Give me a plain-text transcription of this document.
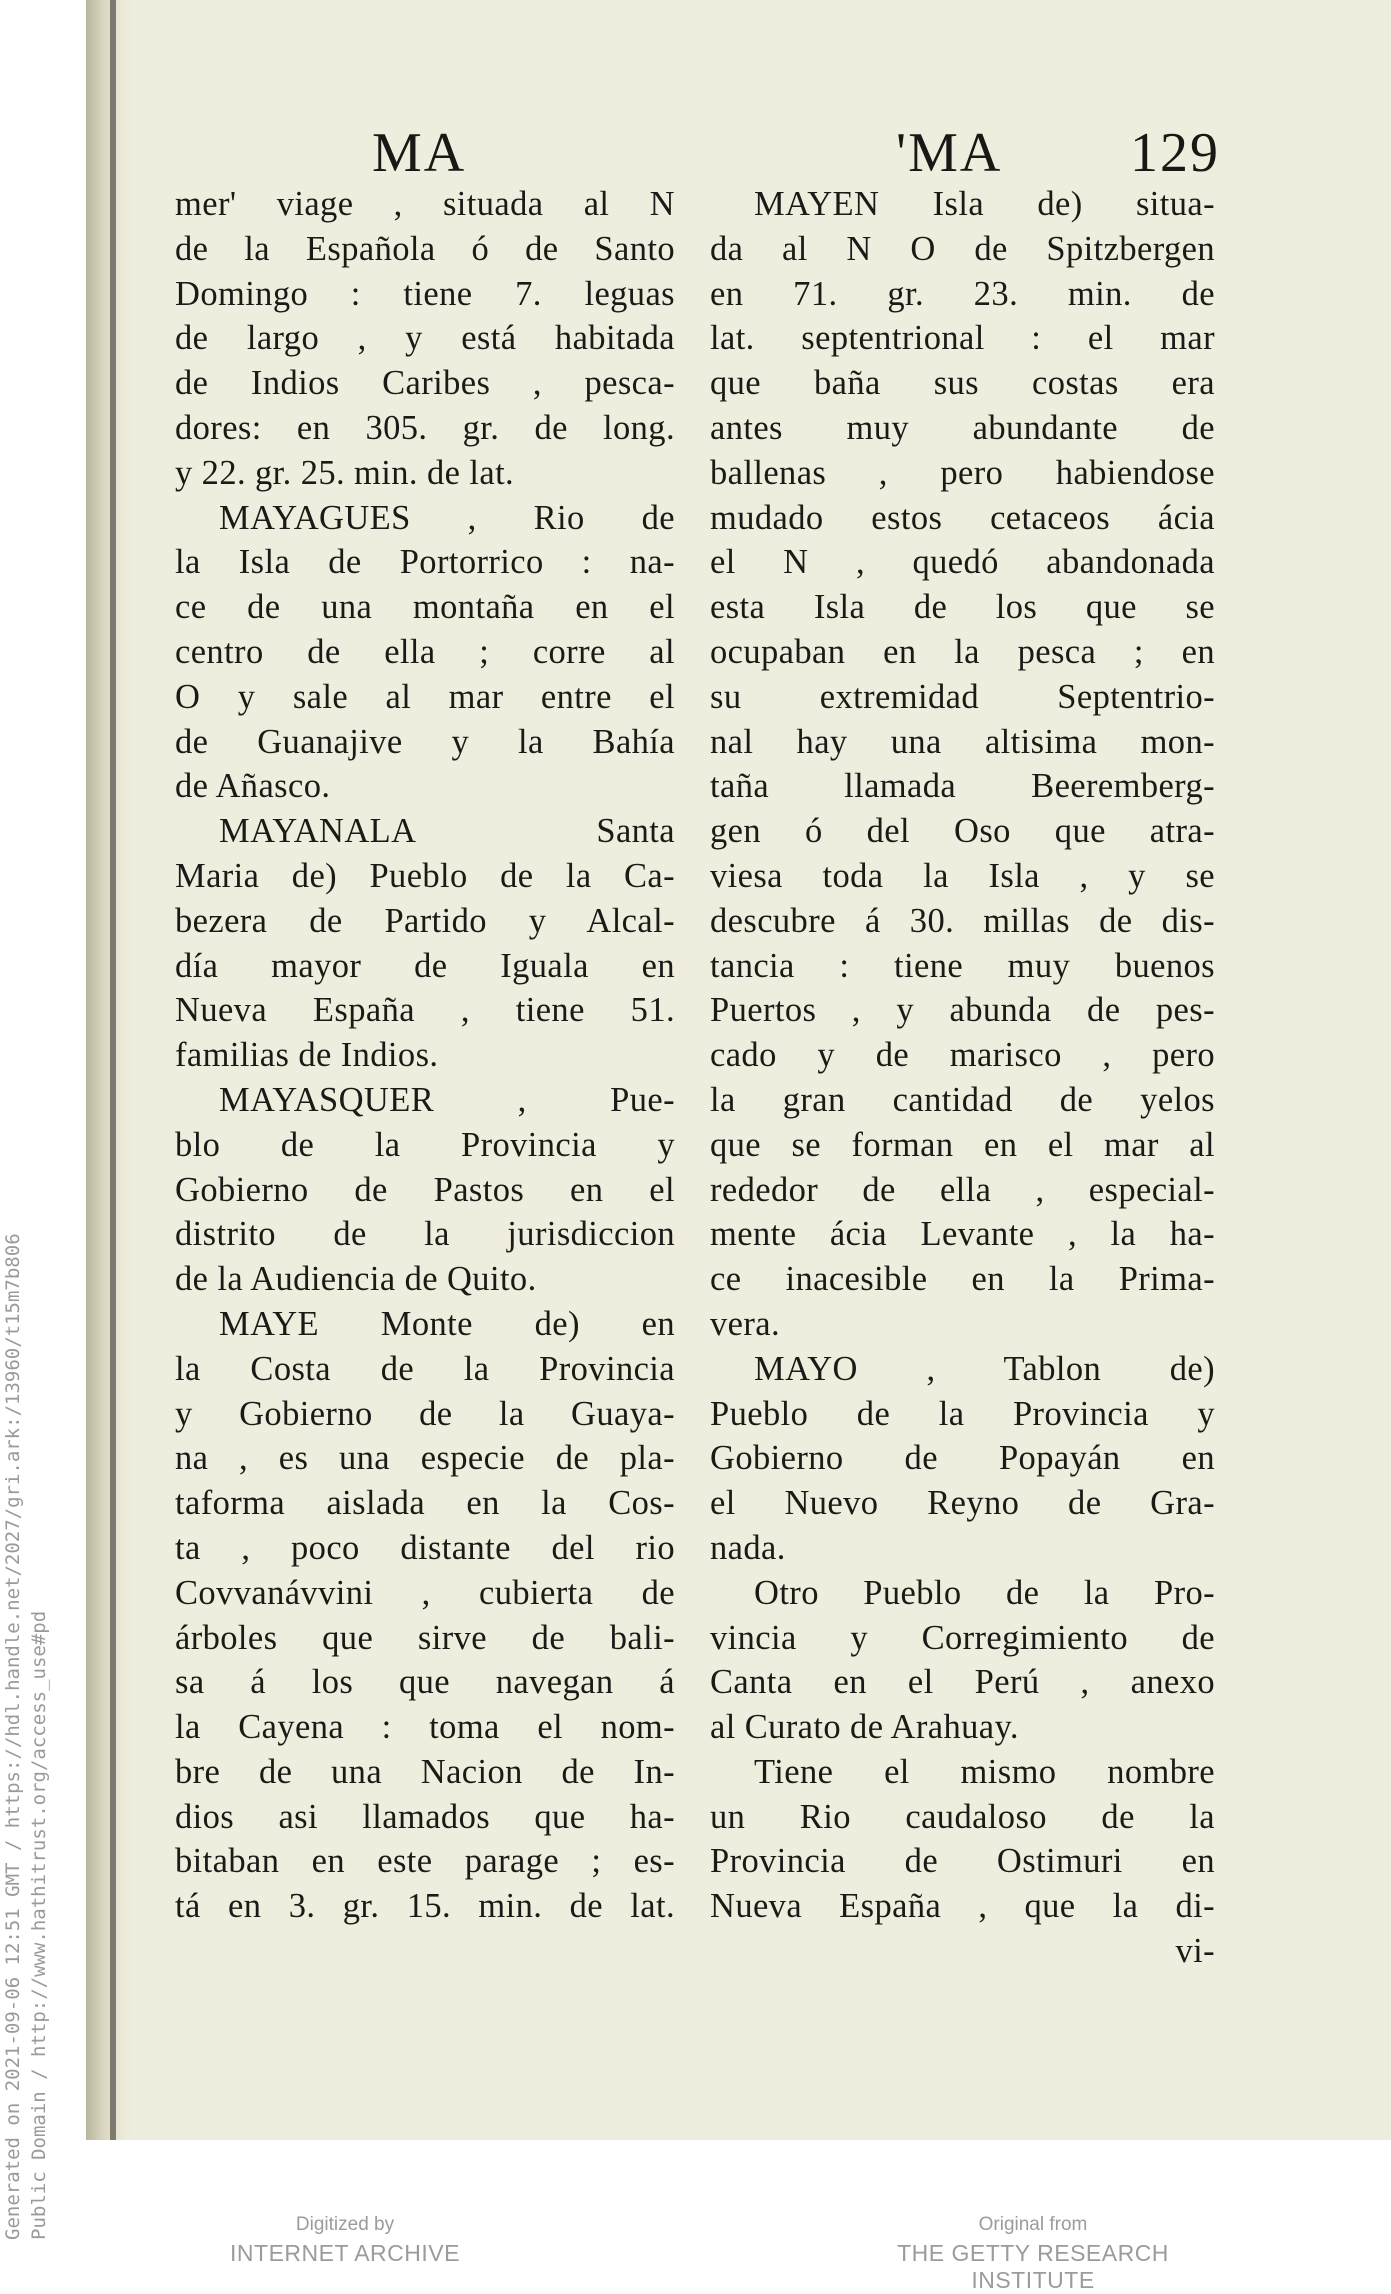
Generated on 2021-09-06 12:51 GMT / https://hdl.handle.net/2027/gri.ark:/13960/t15m7b806 Public Domain / http://www.hathitrust.org/access_use#pd
MA	'MA 129
mer' viage , situada al N
de la Española ó de Santo
Domingo : tiene 7. leguas
de largo , y está habitada
de Indios Caribes , pesca-
dores: en 305. gr. de long.
y 22. gr. 25. min. de lat.
MAYAGUES , Rio de
la Isla de Portorrico : na-
ce de una montaña en el
centro de ella ; corre al
O y sale al mar entre el
de Guanajive y la Bahía
de Añasco.
MAYANALA Santa
Maria de) Pueblo de la Ca-
bezera de Partido y Alcal-
día mayor de Iguala en
Nueva España , tiene 51.
familias de Indios.
MAYASQUER , Pue-
blo de la Provincia y
Gobierno de Pastos en el
distrito de la jurisdiccion
de la Audiencia de Quito.
MAYE Monte de) en
la Costa de la Provincia
y Gobierno de la Guaya-
na , es una especie de pla-
taforma aislada en la Cos-
ta , poco distante del rio
Covvanávvini , cubierta de
árboles que sirve de bali-
sa á los que navegan á
la Cayena : toma el nom-
bre de una Nacion de In-
dios asi llamados que ha-
bitaban en este parage ; es-
tá en 3. gr. 15. min. de lat.
MAYEN Isla de) situa-
da al N O de Spitzbergen
en 71. gr. 23. min. de
lat. septentrional : el mar
que baña sus costas era
antes muy abundante de
ballenas , pero habiendose
mudado estos cetaceos ácia
el N , quedó abandonada
esta Isla de los que se
ocupaban en la pesca ; en
su extremidad Septentrio-
nal hay una altisima mon-
taña llamada Beeremberg-
gen ó del Oso que atra-
viesa toda la Isla , y se
descubre á 30. millas de dis-
tancia : tiene muy buenos
Puertos , y abunda de pes-
cado y de marisco , pero
la gran cantidad de yelos
que se forman en el mar al
rededor de ella , especial-
mente ácia Levante , la ha-
ce inacesible en la Prima-
vera.
MAYO , Tablon de)
Pueblo de la Provincia y
Gobierno de Popayán en
el Nuevo Reyno de Gra-
nada.
Otro Pueblo de la Pro-
vincia y Corregimiento de
Canta en el Perú , anexo
al Curato de Arahuay.
Tiene el mismo nombre
un Rio caudaloso de la
Provincia de Ostimuri en
Nueva España , que la di-
vi-
Digitized by
INTERNET ARCHIVE
Original from
THE GETTY RESEARCH INSTITUTE
